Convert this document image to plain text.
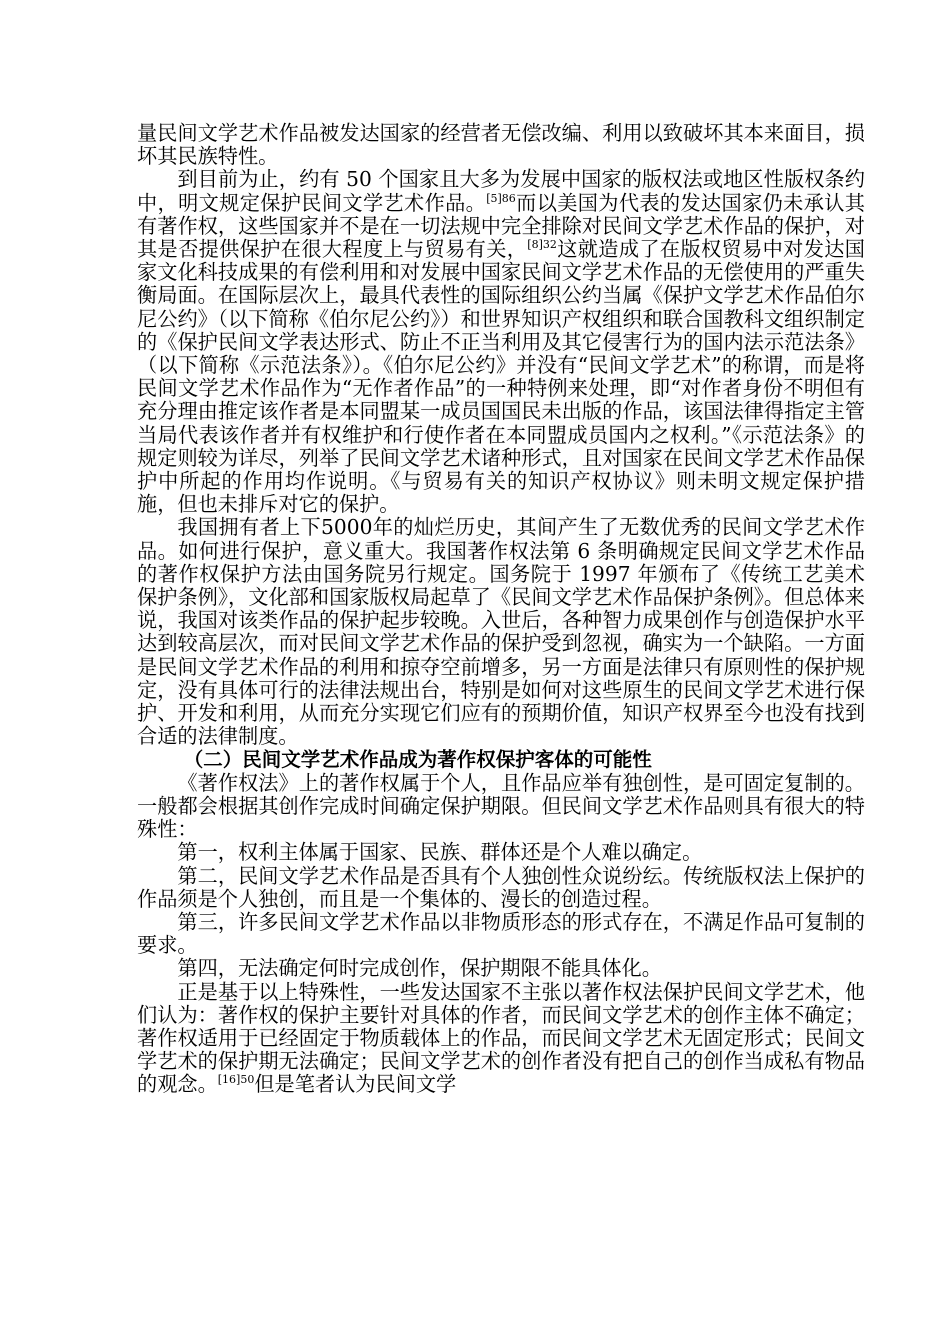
量民间文学艺术作品被发达国家的经营者无偿改编、利用以致破坏其本来面目，损坏其民族特性。

到目前为止，约有 50 个国家且大多为发展中国家的版权法或地区性版权条约中，明文规定保护民间文学艺术作品。$^{[5]86}$而以美国为代表的发达国家仍未承认其有著作权，这些国家并不是在一切法规中完全排除对民间文学艺术作品的保护，对其是否提供保护在很大程度上与贸易有关，$^{[8]32}$这就造成了在版权贸易中对发达国家文化科技成果的有偿利用和对发展中国家民间文学艺术作品的无偿使用的严重失衡局面。在国际层次上，最具代表性的国际组织公约当属《保护文学艺术作品伯尔尼公约》（以下简称《伯尔尼公约》）和世界知识产权组织和联合国教科文组织制定的《保护民间文学表达形式、防止不正当利用及其它侵害行为的国内法示范法条》（以下简称《示范法条》）。《伯尔尼公约》并没有“民间文学艺术”的称谓，而是将民间文学艺术作品作为“无作者作品”的一种特例来处理，即“对作者身份不明但有充分理由推定该作者是本同盟某一成员国国民未出版的作品，该国法律得指定主管当局代表该作者并有权维护和行使作者在本同盟成员国内之权利。”《示范法条》的规定则较为详尽，列举了民间文学艺术诸种形式，且对国家在民间文学艺术作品保护中所起的作用均作说明。《与贸易有关的知识产权协议》则未明文规定保护措施，但也未排斥对它的保护。

我国拥有者上下5000年的灿烂历史，其间产生了无数优秀的民间文学艺术作品。如何进行保护，意义重大。我国著作权法第 6 条明确规定民间文学艺术作品的著作权保护方法由国务院另行规定。国务院于 1997 年颁布了《传统工艺美术保护条例》，文化部和国家版权局起草了《民间文学艺术作品保护条例》。但总体来说，我国对该类作品的保护起步较晚。入世后，各种智力成果创作与创造保护水平达到较高层次，而对民间文学艺术作品的保护受到忽视，确实为一个缺陷。一方面是民间文学艺术作品的利用和掠夺空前增多，另一方面是法律只有原则性的保护规定，没有具体可行的法律法规出台，特别是如何对这些原生的民间文学艺术进行保护、开发和利用，从而充分实现它们应有的预期价值，知识产权界至今也没有找到合适的法律制度。

（二）民间文学艺术作品成为著作权保护客体的可能性

《著作权法》上的著作权属于个人，且作品应举有独创性，是可固定复制的。一般都会根据其创作完成时间确定保护期限。但民间文学艺术作品则具有很大的特殊性：

第一，权利主体属于国家、民族、群体还是个人难以确定。

第二，民间文学艺术作品是否具有个人独创性众说纷纭。传统版权法上保护的作品须是个人独创，而且是一个集体的、漫长的创造过程。

第三，许多民间文学艺术作品以非物质形态的形式存在，不满足作品可复制的要求。

第四，无法确定何时完成创作，保护期限不能具体化。

正是基于以上特殊性，一些发达国家不主张以著作权法保护民间文学艺术，他们认为：著作权的保护主要针对具体的作者，而民间文学艺术的创作主体不确定；著作权适用于已经固定于物质载体上的作品，而民间文学艺术无固定形式；民间文学艺术的保护期无法确定；民间文学艺术的创作者没有把自己的创作当成私有物品的观念。$^{[16]50}$但是笔者认为民间文学
